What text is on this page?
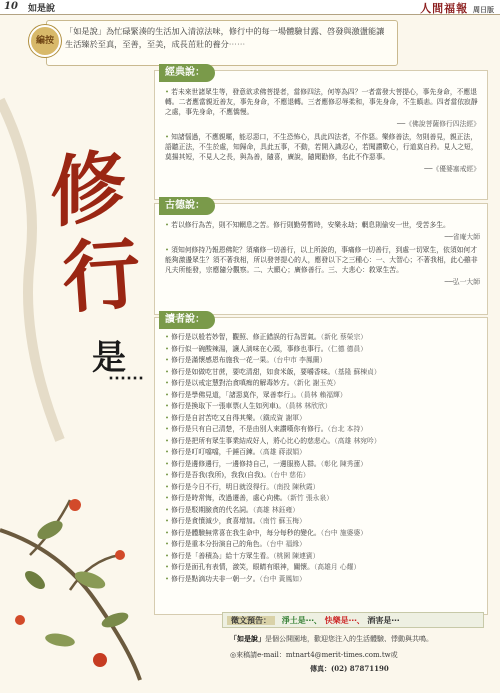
10 如是說	人間福報 周日版
編按
「如是說」為忙碌緊湊的生活加入清涼法味，修行中的每一場體驗甘露、啓發與激盪能讓生活臻於至真，至善，至美，成長茁壯的養分⋯⋯
修
行
是
⋯⋯
經典說：

• 若未來世諸眾生等，發意欲求佛菩提者，當修四法，何等為四？一者當發大菩提心，事先身命，不應退轉。二者應當親近善友，事先身命，不應退轉。三者應修忍辱柔和，事先身命，不生瞋恚。四者當依寂靜之處，事先身命，不應憍慢。

──《佛說菩薩修行四法經》

• 知諸惱過，不應親暱，能忍惡口，不生恐怖心，具此四法者，不作惡。樂修善法，勿則善見，親正法，語聽正法，不生於處，知歸命，具此五事，不動，若開入識忍心，若聞讚歎心，行道莫自矜。見人之短，莫揚其短，不見人之長，與為善，隨喜，廣說，隨聞勸修，名此不作惡事。

──《優婆塞戒經》

古德說：

• 若以修行為苦，則不知輞息之苦。修行則勤勞暫時，安樂永劫；輞息則偷安一世，受苦多生。

──省庵大師

• 須知何修持乃報恩佛陀？須痛修一切善行，以上所說的，事痛修一切善行，到處一切眾生，依須如何才能夠激盪眾生？須不著我相，所以發菩提心的人，應發以下之三種心：一、大智心；不著我相，此心雖非凡夫所能發，宗應隨分觀察。二、大願心；廣修善行。三、大悲心：救眾生苦。

──弘一大師

讀者說：
• 修行是以般若妙智，觀照、修正錯誤的行為習氣。（新化 蔡榮宗）
• 修行似一碗酸辣湯，讓人淌味在心頭，事修也事行。（仁德 德員）
• 修行是滿懷感恩布施我一花一果。（台中市 李鳳蘭）
• 修行是如做吃甘蔗，要吃清甜，如食米飯，要嚼香味。（基隆 蘇棟貞）
• 修行是以戒定慧對治貪嗔痴的解毒妙方。（新化 謝玉英）
• 修行是學佛見道，「諸惡莫作，眾善奉行」。（員林 賴福輝）
• 修行是換取下一張車票(人生如列車)。（員林 林欣欣）
• 修行是自討苦吃又自得其樂。（鐵成資 謝軍）
• 修行是只有自己清楚，不是由別人來讚嘆你有修行。（台北 本持）
• 修行是把所有眾生事業結成好人，將心比心的慈悲心。（高雄 林宛吟）
• 修行是叮叮噹噹，千錘百鍊。（高雄 蔣淑娟）
• 修行是邊修邊行，一邊修持自己，一邊服務人群。（彰化 陳秀蓮）
• 修行是吾我(我所)，我我(自我)。（台中 慈佑）
• 修行是今日不行，明日就沒得行。（南投 陳秋霞）
• 修行是時常悔，改過遷善，處心向佛。（新竹 張永泉）
• 修行是駁期臉貪的代名詞。（高雄 林鈺雍）
• 修行是貪憤減少，貪喜增加。（南竹 蘇玉梅）
• 修行是體驗無常喜在我生命中，每分每秒的變化。（台中 施婆婆）
• 修行是重本分扮演自己的角色。（台中 福緣）
• 修行是「善積為」給十方眾生看。（桃園 陳連賓）
• 修行是面孔有表情，激笑，眼睛有眼神，關懷。（高雄月 心耀）
• 修行是點滴功夫非一朝一夕。（台中 黃鳳如）
徵文預告： 淨土是⋯、 快樂是⋯、 酒害是⋯
「如是說」是個公開園地，歡迎您注入的生活體驗、悸動與共鳴。
◎來稿請e-mail：mtnart4@merit-times.com.tw或
傳真：(02) 87871190
